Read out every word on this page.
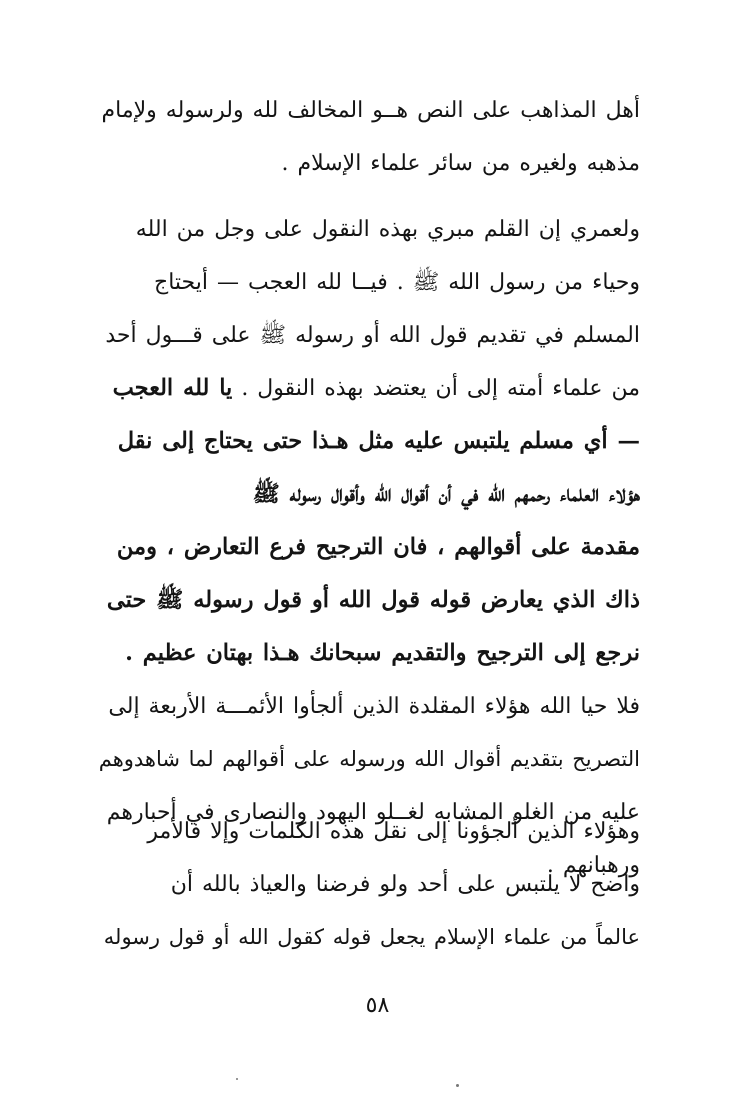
أهل المذاهب على النص هــو المخالف لله ولرسوله ولإمام
مذهبه ولغيره من سائر علماء الإسلام .
ولعمري إن القلم مبري بهذه النقول على وجل من الله
وحياء من رسول الله ﷺ . فيــا لله العجب — أيحتاج
المسلم في تقديم قول الله أو رسوله ﷺ على قـــول أحد
من علماء أمته إلى أن يعتضد بهذه النقول . يا لله العجب
— أي مسلم يلتبس عليه مثل هـذا حتى يحتاج إلى نقل
هؤلاء العلماء رحمهم الله في أن أقوال الله وأقوال رسوله ﷺ
مقدمة على أقوالهم ، فان الترجيح فرع التعارض ، ومن
ذاك الذي يعارض قوله قول الله أو قول رسوله ﷺ حتى
نرجع إلى الترجيح والتقديم سبحانك هـذا بهتان عظيم .
فلا حيا الله هؤلاء المقلدة الذين ألجأوا الأئمـــة الأربعة إلى
التصريح بتقديم أقوال الله ورسوله على أقوالهم لما شاهدوهم
عليه من الغلو المشابه لغــلو اليهود والنصارى في أحبارهم
ورهبانهم .
وهؤلاء الذين ألجؤونا إلى نقل هذه الكلمات وإلا فالأمر
واضح لا يلتبس على أحد ولو فرضنا والعياذ بالله أن
عالماً من علماء الإسلام يجعل قوله كقول الله أو قول رسوله
٥٨
